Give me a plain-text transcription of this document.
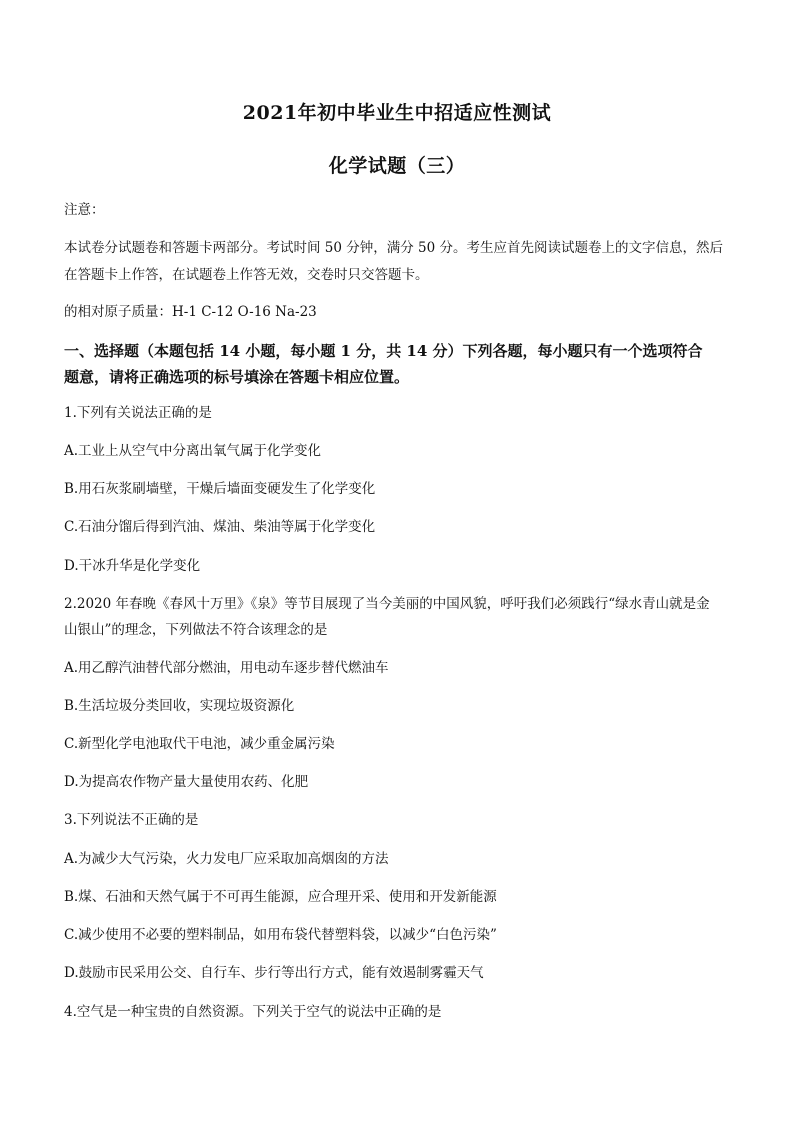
2021年初中毕业生中招适应性测试
化学试题（三）
注意：
本试卷分试题卷和答题卡两部分。考试时间 50 分钟，满分 50 分。考生应首先阅读试题卷上的文字信息，然后
在答题卡上作答，在试题卷上作答无效，交卷时只交答题卡。
的相对原子质量：H-1 C-12 O-16 Na-23
一、选择题（本题包括 14 小题，每小题 1 分，共 14 分）下列各题，每小题只有一个选项符合
题意，请将正确选项的标号填涂在答题卡相应位置。
1.下列有关说法正确的是
A.工业上从空气中分离出氧气属于化学变化
B.用石灰浆刷墙壁，干燥后墙面变硬发生了化学变化
C.石油分馏后得到汽油、煤油、柴油等属于化学变化
D.干冰升华是化学变化
2.2020 年春晚《春风十万里》《泉》等节目展现了当今美丽的中国风貌，呼吁我们必须践行“绿水青山就是金
山银山”的理念，下列做法不符合该理念的是
A.用乙醇汽油替代部分燃油，用电动车逐步替代燃油车
B.生活垃圾分类回收，实现垃圾资源化
C.新型化学电池取代干电池，减少重金属污染
D.为提高农作物产量大量使用农药、化肥
3.下列说法不正确的是
A.为减少大气污染，火力发电厂应采取加高烟囱的方法
B.煤、石油和天然气属于不可再生能源，应合理开采、使用和开发新能源
C.减少使用不必要的塑料制品，如用布袋代替塑料袋，以减少“白色污染”
D.鼓励市民采用公交、自行车、步行等出行方式，能有效遏制雾霾天气
4.空气是一种宝贵的自然资源。下列关于空气的说法中正确的是
